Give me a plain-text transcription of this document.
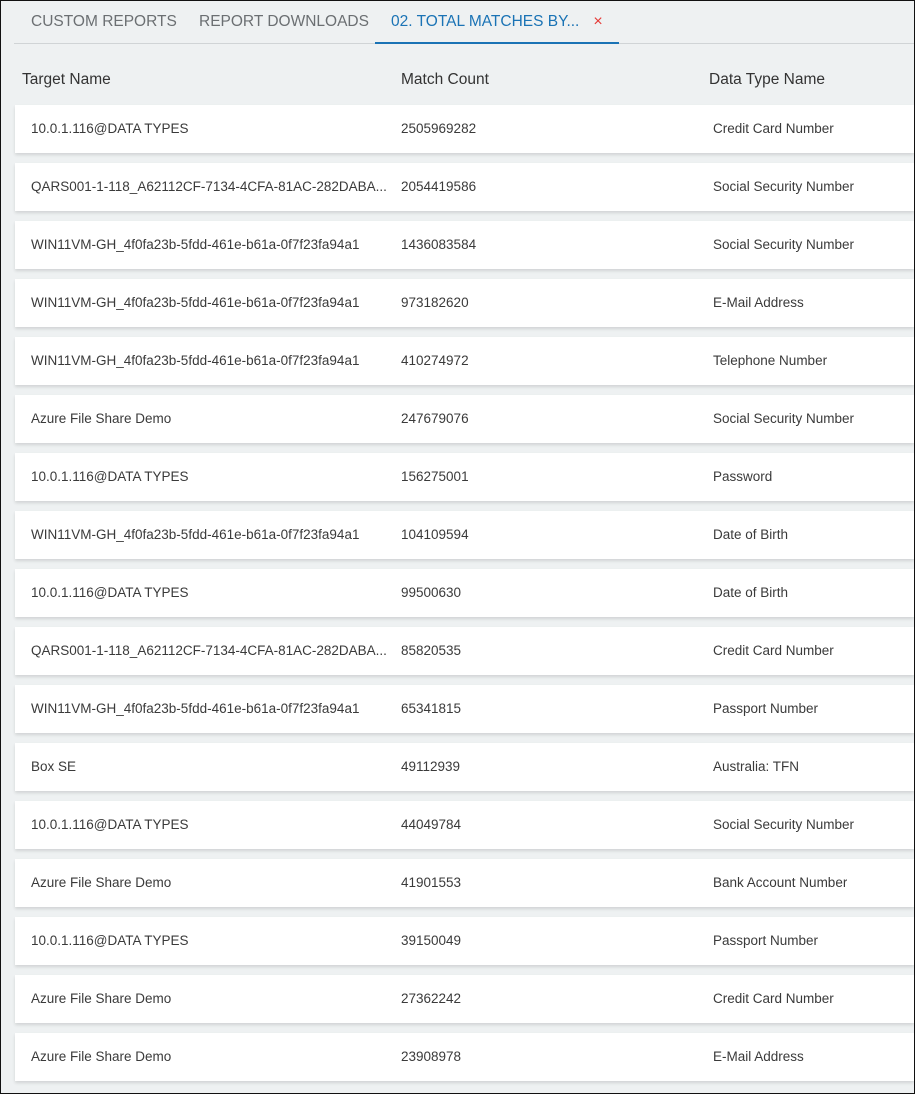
CUSTOM REPORTS REPORT DOWNLOADS	02. TOTAL MATCHES BY... ×
Target Name	Match Count	Data Type Name
10.0.1.116@DATA TYPES	2505969282	Credit Card Number
QARS001-1-118_A62112CF-7134-4CFA-81AC-282DABA... 2054419586	Social Security Number
WIN11VM-GH_4f0fa23b-5fdd-461e-b61a-0f7f23fa94a1	1436083584	Social Security Number
WIN11VM-GH_4f0fa23b-5fdd-461e-b61a-0f7f23fa94a1	973182620	E-Mail Address
WIN11VM-GH_4f0fa23b-5fdd-461e-b61a-0f7f23fa94a1	410274972	Telephone Number
Azure File Share Demo	247679076	Social Security Number
10.0.1.116@DATA TYPES	156275001	Password
WIN11VM-GH_4f0fa23b-5fdd-461e-b61a-0f7f23fa94a1	104109594	Date of Birth
10.0.1.116@DATA TYPES	99500630	Date of Birth
QARS001-1-118_A62112CF-7134-4CFA-81AC-282DABA... 85820535	Credit Card Number
WIN11VM-GH_4f0fa23b-5fdd-461e-b61a-0f7f23fa94a1	65341815	Passport Number
Box SE	49112939	Australia: TFN
10.0.1.116@DATA TYPES	44049784	Social Security Number
Azure File Share Demo	41901553	Bank Account Number
10.0.1.116@DATA TYPES	39150049	Passport Number
Azure File Share Demo	27362242	Credit Card Number
Azure File Share Demo	23908978	E-Mail Address
